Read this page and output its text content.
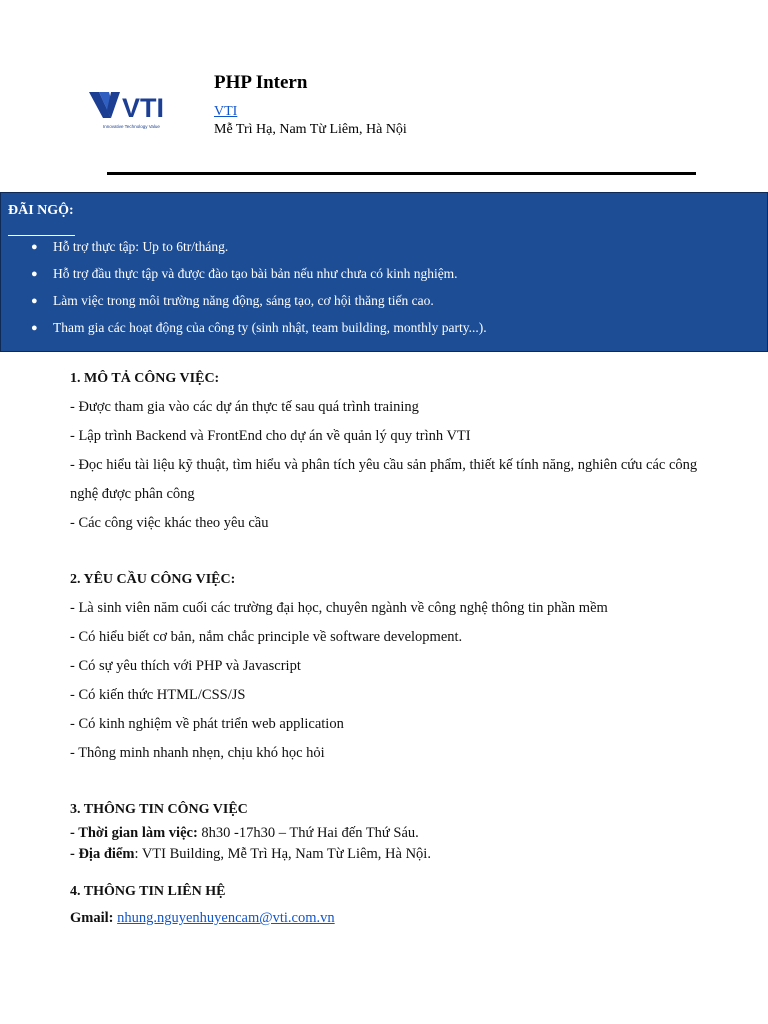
VTI
Innovative Technology Value
PHP Intern
VTI
Mễ Trì Hạ, Nam Từ Liêm, Hà Nội
ĐÃI NGỘ:
● Hỗ trợ thực tập: Up to 6tr/tháng.
● Hỗ trợ đầu thực tập và được đào tạo bài bản nếu như chưa có kinh nghiệm.
● Làm việc trong môi trường năng động, sáng tạo, cơ hội thăng tiến cao.
● Tham gia các hoạt động của công ty (sinh nhật, team building, monthly party...).
1. MÔ TẢ CÔNG VIỆC:

- Được tham gia vào các dự án thực tế sau quá trình training

- Lập trình Backend và FrontEnd cho dự án về quản lý quy trình VTI

- Đọc hiểu tài liệu kỹ thuật, tìm hiểu và phân tích yêu cầu sản phẩm, thiết kế tính năng, nghiên cứu các công nghệ được phân công

- Các công việc khác theo yêu cầu

2. YÊU CẦU CÔNG VIỆC:

- Là sinh viên năm cuối các trường đại học, chuyên ngành về công nghệ thông tin phần mềm

- Có hiểu biết cơ bản, nắm chắc principle về software development.

- Có sự yêu thích với PHP và Javascript

- Có kiến thức HTML/CSS/JS

- Có kinh nghiệm về phát triển web application

- Thông minh nhanh nhẹn, chịu khó học hỏi

3. THÔNG TIN CÔNG VIỆC

- Thời gian làm việc: 8h30 -17h30 – Thứ Hai đến Thứ Sáu.

- Địa điểm: VTI Building, Mễ Trì Hạ, Nam Từ Liêm, Hà Nội.

4. THÔNG TIN LIÊN HỆ

Gmail: nhung.nguyenhuyencam@vti.com.vn
